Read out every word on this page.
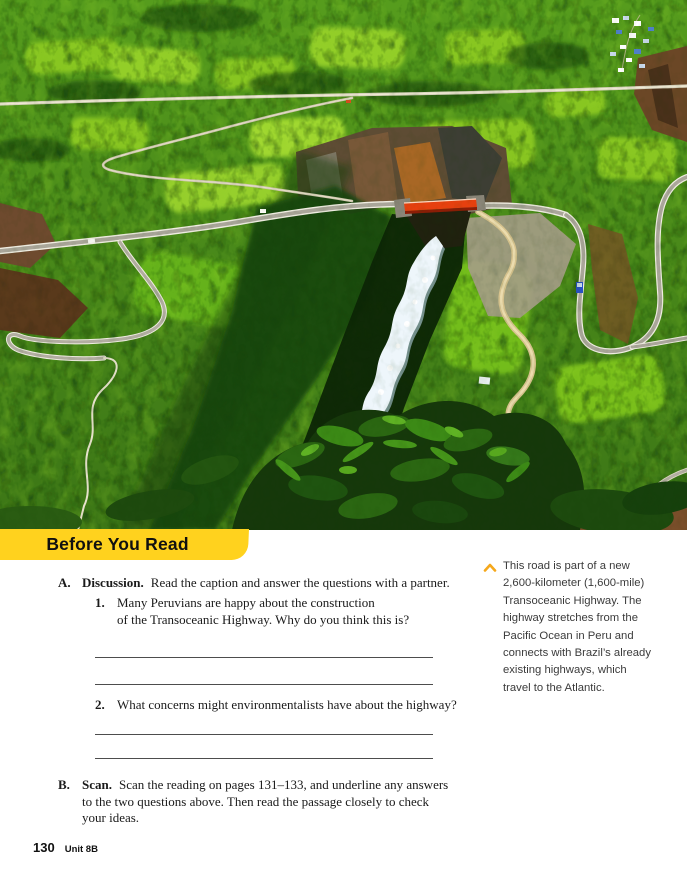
Before You Read
This road is part of a new
2,600-kilometer (1,600-mile)
Transoceanic Highway. The
highway stretches from the
Pacific Ocean in Peru and
connects with Brazil’s already
existing highways, which
travel to the Atlantic.
A. Discussion. Read the caption and answer the questions with a partner.
1. Many Peruvians are happy about the construction
of the Transoceanic Highway. Why do you think this is?
2. What concerns might environmentalists have about the highway?
B. Scan. Scan the reading on pages 131–133, and underline any answers
to the two questions above. Then read the passage closely to check
your ideas.
130 Unit 8B
